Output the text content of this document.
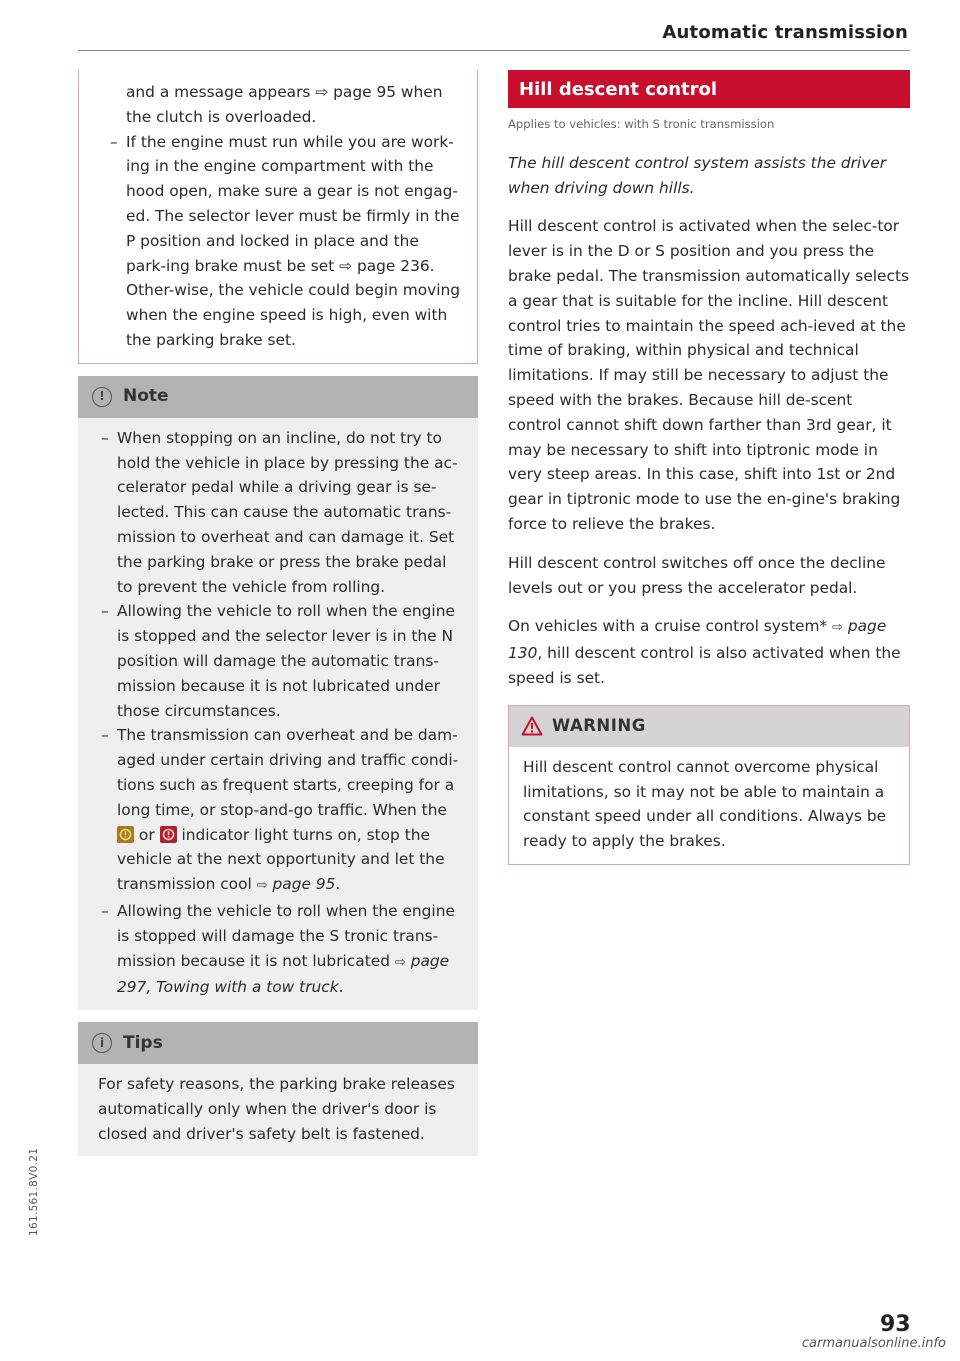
Automatic transmission

and a message appears ⇨ page 95 when the clutch is overloaded.

– If the engine must run while you are work-ing in the engine compartment with the hood open, make sure a gear is not engag-ed. The selector lever must be firmly in the P position and locked in place and the park-ing brake must be set ⇨ page 236. Other-wise, the vehicle could begin moving when the engine speed is high, even with the parking brake set.
!	Note
– When stopping on an incline, do not try to hold the vehicle in place by pressing the ac-celerator pedal while a driving gear is se-lected. This can cause the automatic trans-mission to overheat and can damage it. Set the parking brake or press the brake pedal to prevent the vehicle from rolling.
– Allowing the vehicle to roll when the engine is stopped and the selector lever is in the N position will damage the automatic trans-mission because it is not lubricated under those circumstances.
– The transmission can overheat and be dam-aged under certain driving and traffic condi-tions such as frequent starts, creeping for a long time, or stop-and-go traffic. When the
or indicator light turns on, stop the vehicle at the next opportunity and let the transmission cool ⇨ page 95.
– Allowing the vehicle to roll when the engine is stopped will damage the S tronic trans-mission because it is not lubricated ⇨ page 297, Towing with a tow truck.
i	Tips

For safety reasons, the parking brake releases automatically only when the driver's door is closed and driver's safety belt is fastened.

Hill descent control
Applies to vehicles: with S tronic transmission

The hill descent control system assists the driver when driving down hills.

Hill descent control is activated when the selec-tor lever is in the D or S position and you press the brake pedal. The transmission automatically selects a gear that is suitable for the incline. Hill descent control tries to maintain the speed ach-ieved at the time of braking, within physical and technical limitations. If may still be necessary to adjust the speed with the brakes. Because hill de-scent control cannot shift down farther than 3rd gear, it may be necessary to shift into tiptronic mode in very steep areas. In this case, shift into 1st or 2nd gear in tiptronic mode to use the en-gine's braking force to relieve the brakes.

Hill descent control switches off once the decline levels out or you press the accelerator pedal.

On vehicles with a cruise control system* ⇨ page 130, hill descent control is also activated when the speed is set.

WARNING

Hill descent control cannot overcome physical limitations, so it may not be able to maintain a constant speed under all conditions. Always be ready to apply the brakes.

161.561.8V0.21
93
carmanualsonline.info
